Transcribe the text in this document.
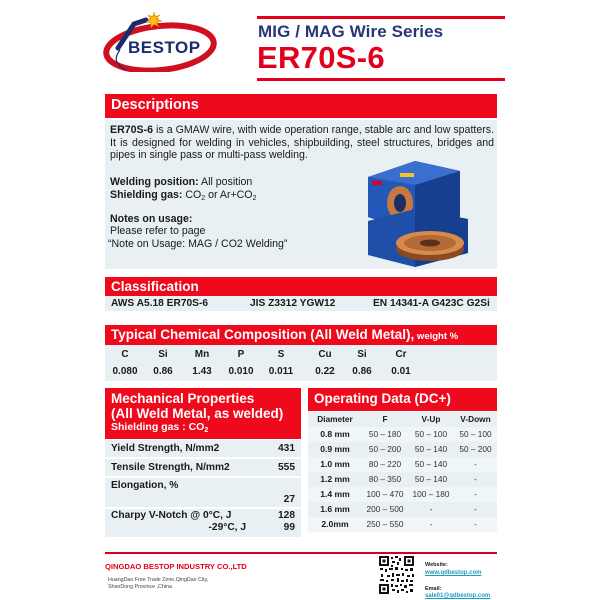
BESTOP
MIG / MAG Wire Series
ER70S-6
Descriptions
ER70S-6 is a GMAW wire, with wide operation range, stable arc and low spatters. It is designed for welding in vehicles, shipbuilding, steel structures, bridges and pipes in single pass or multi-pass welding.
Welding position: All position
Shielding gas: $CO_2$ or $Ar+CO_2$
Notes on usage:
Please refer to page
“Note on Usage: MAG / CO2 Welding”
Classification
AWS A5.18 ER70S-6	JIS Z3312 YGW12	EN 14341-A G423C G2Si
Typical Chemical Composition (All Weld Metal), weight %
C	Si	Mn	P	S	Cu	Si	Cr
0.080	0.86	1.43	0.010	0.011	0.22	0.86	0.01
Mechanical Properties
(All Weld Metal, as welded)
Shielding gas : $CO_2$
Yield Strength, N/mm2	431
Tensile Strength, N/mm2	555
Elongation, %
27
Charpy V-Notch @ 0°C, J	128
-29°C, J	99
Operating Data (DC+)
Diameter	F	V-Up	V-Down
0.8 mm	50 – 180	50 – 100	50 – 100
0.9 mm	50 – 200	50 – 140	50 – 200
1.0 mm	80 – 220	50 – 140	-
1.2 mm	80 – 350	50 – 140	-
1.4 mm	100 – 470	100 – 180	-
1.6 mm	200 – 500	-	-
2.0mm	250 – 550	-	-
QINGDAO BESTOP INDUSTRY CO.,LTD
HuangDao Free Trade Zone,QingDao City,
ShanDong Province ,China
Website:
www.qdbestop.com
Email:
sale01@qdbestop.com
